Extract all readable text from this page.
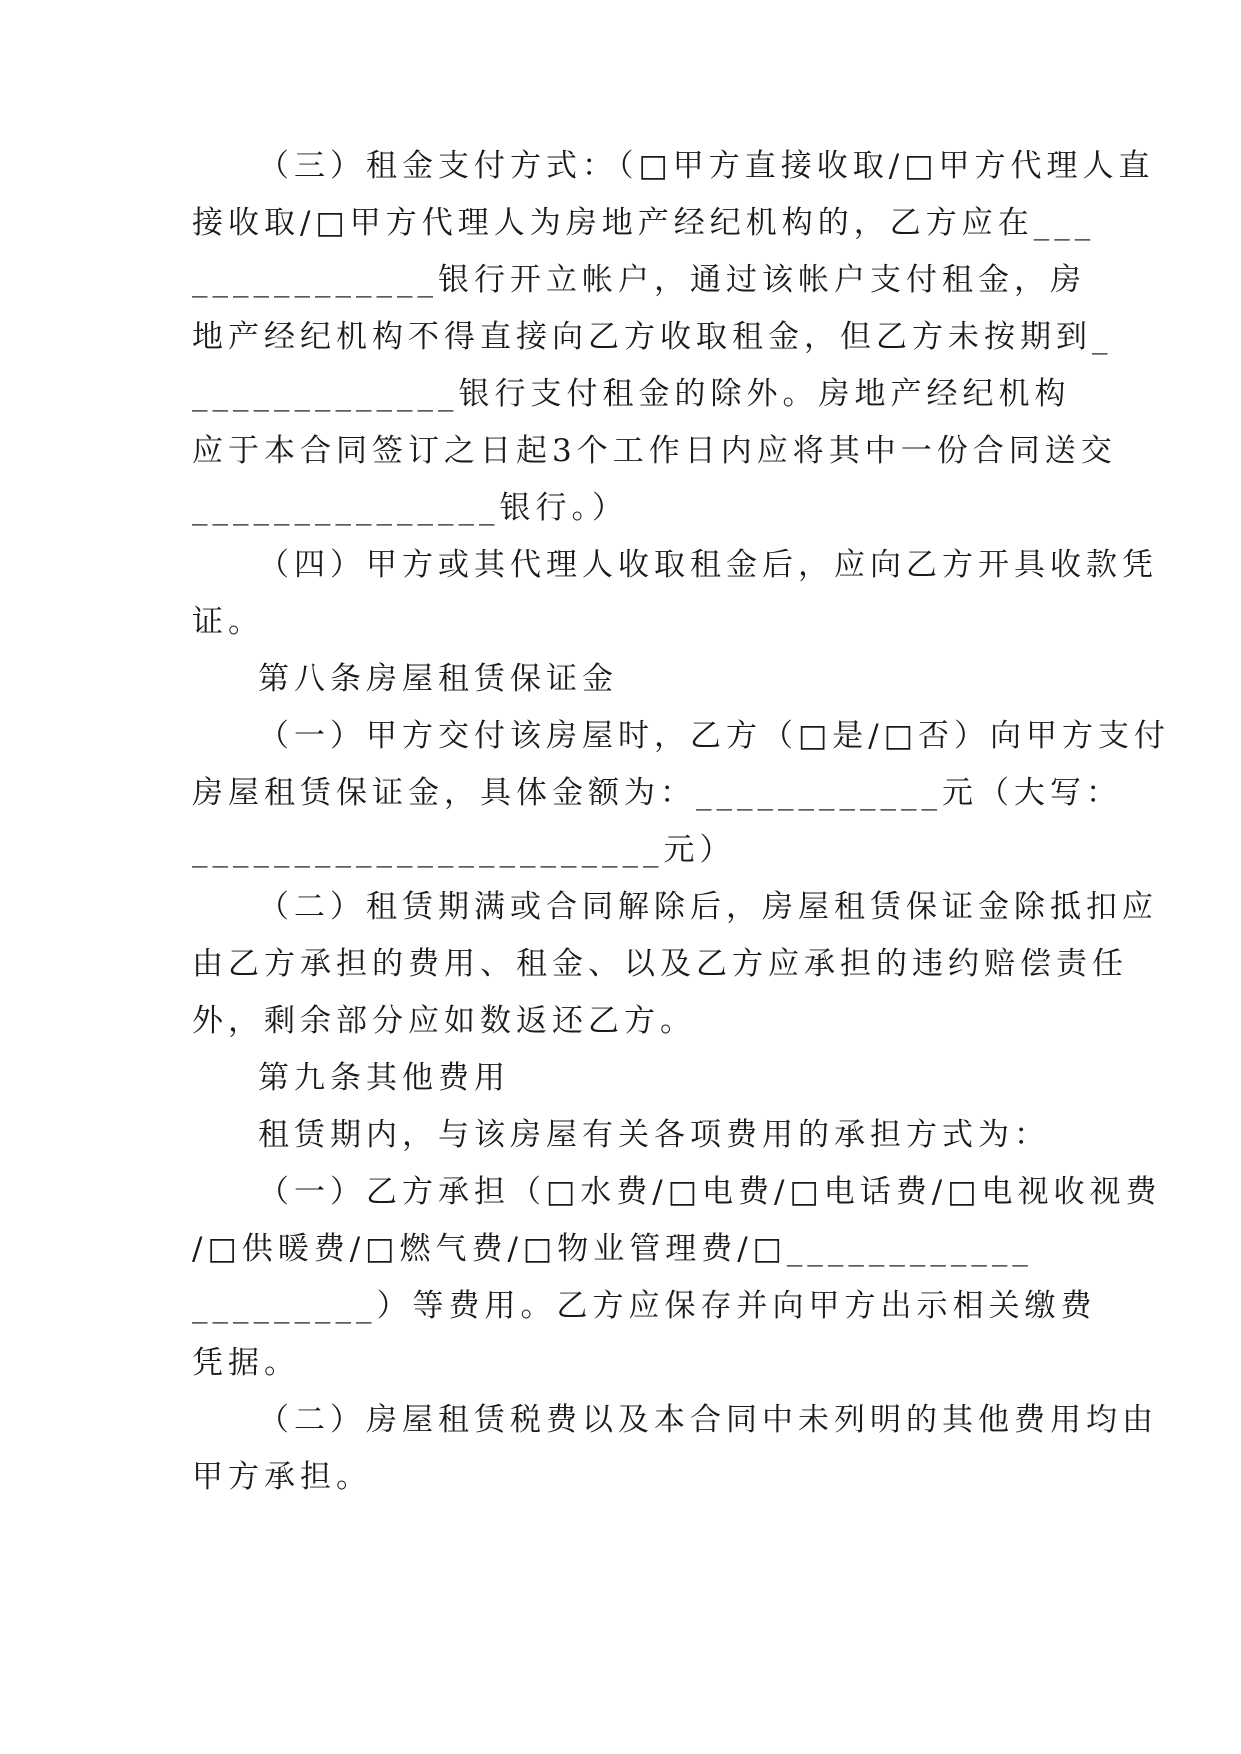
（三）租金支付方式：（□甲方直接收取/□甲方代理人直
接收取/□甲方代理人为房地产经纪机构的，乙方应在___
____________银行开立帐户，通过该帐户支付租金，房
地产经纪机构不得直接向乙方收取租金，但乙方未按期到_
_____________银行支付租金的除外。房地产经纪机构
应于本合同签订之日起3个工作日内应将其中一份合同送交
_______________银行。）
（四）甲方或其代理人收取租金后，应向乙方开具收款凭
证。
第八条房屋租赁保证金
（一）甲方交付该房屋时，乙方（□是/□否）向甲方支付
房屋租赁保证金，具体金额为：____________元（大写：
_______________________元）
（二）租赁期满或合同解除后，房屋租赁保证金除抵扣应
由乙方承担的费用、租金、以及乙方应承担的违约赔偿责任
外，剩余部分应如数返还乙方。
第九条其他费用
租赁期内，与该房屋有关各项费用的承担方式为：
（一）乙方承担（□水费/□电费/□电话费/□电视收视费
/□供暖费/□燃气费/□物业管理费/□____________
_________）等费用。乙方应保存并向甲方出示相关缴费
凭据。
（二）房屋租赁税费以及本合同中未列明的其他费用均由
甲方承担。
